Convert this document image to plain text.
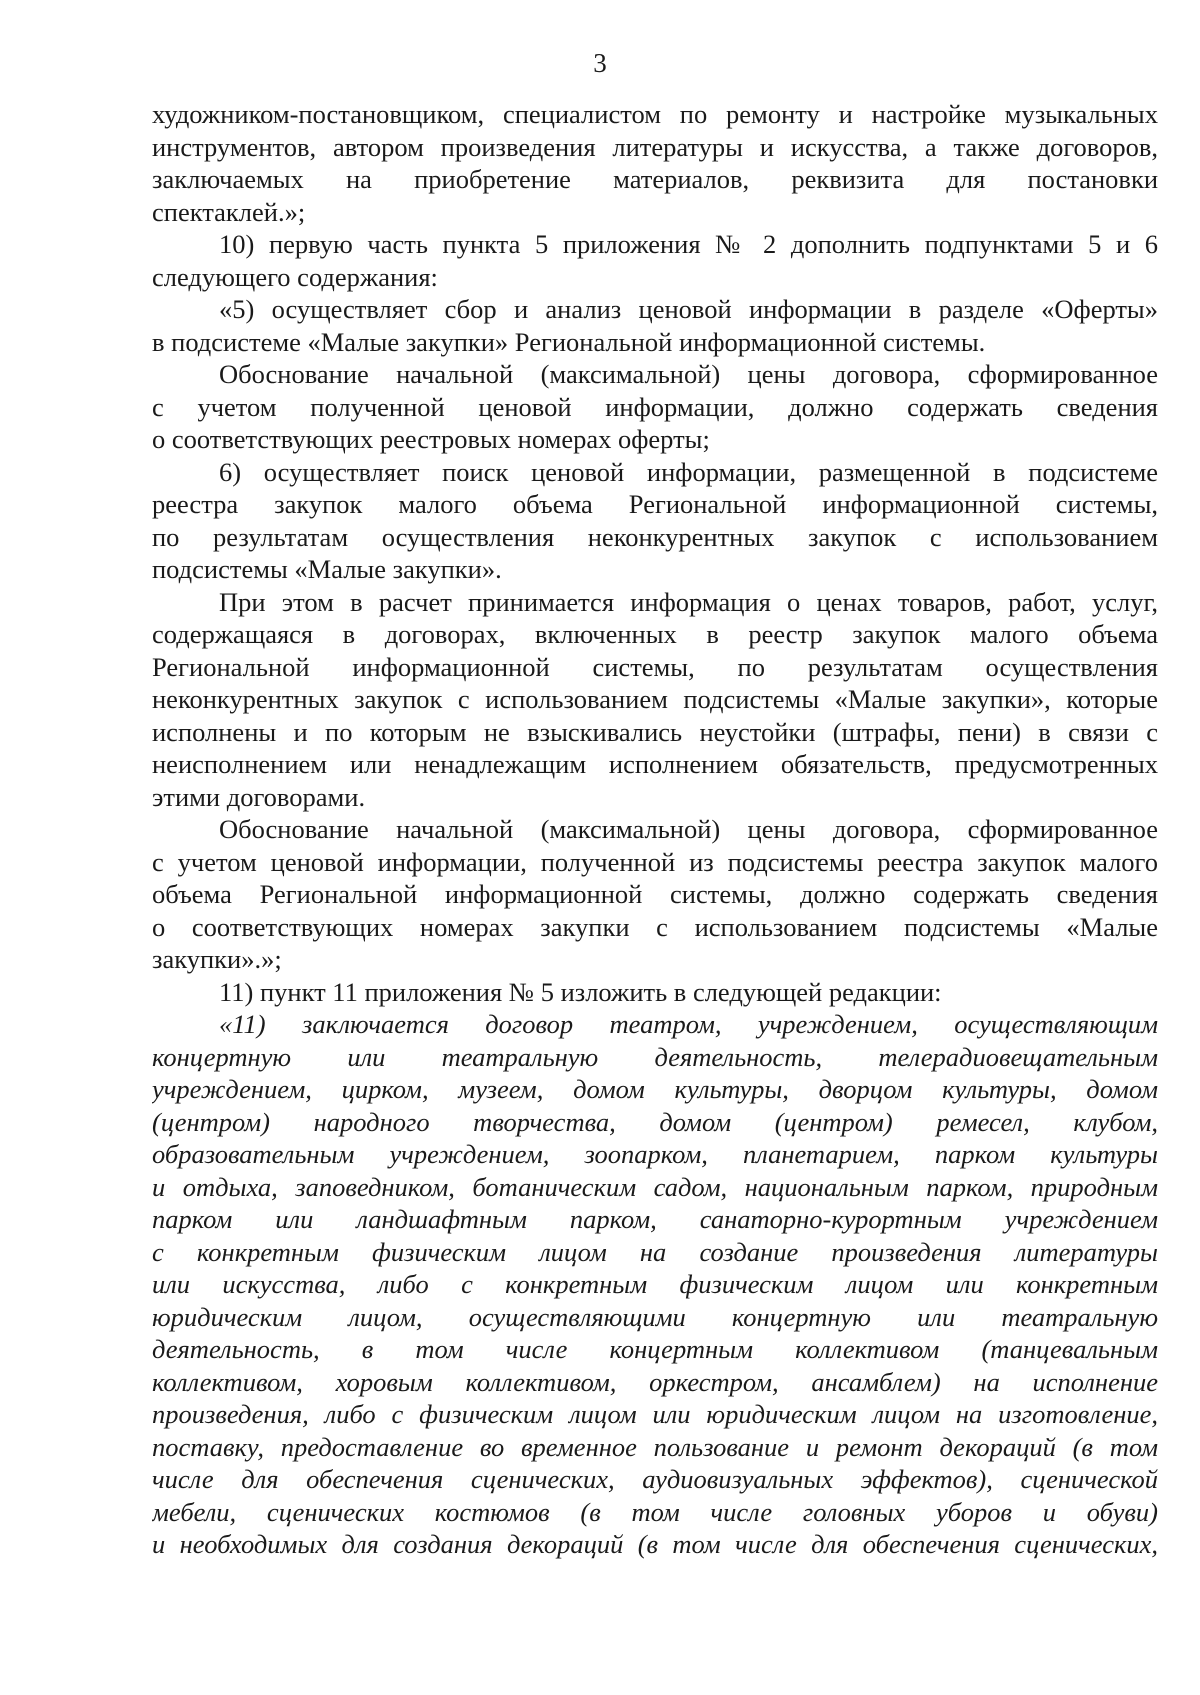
3
художником-постановщиком, специалистом по ремонту и настройке музыкальных
инструментов, автором произведения литературы и искусства, а также договоров,
заключаемых на приобретение материалов, реквизита для постановки
спектаклей.»;
10) первую часть пункта 5 приложения № 2 дополнить подпунктами 5 и 6
следующего содержания:
«5) осуществляет сбор и анализ ценовой информации в разделе «Оферты»
в подсистеме «Малые закупки» Региональной информационной системы.
Обоснование начальной (максимальной) цены договора, сформированное
с учетом полученной ценовой информации, должно содержать сведения
о соответствующих реестровых номерах оферты;
6) осуществляет поиск ценовой информации, размещенной в подсистеме
реестра закупок малого объема Региональной информационной системы,
по результатам осуществления неконкурентных закупок с использованием
подсистемы «Малые закупки».
При этом в расчет принимается информация о ценах товаров, работ, услуг,
содержащаяся в договорах, включенных в реестр закупок малого объема
Региональной информационной системы, по результатам осуществления
неконкурентных закупок с использованием подсистемы «Малые закупки», которые
исполнены и по которым не взыскивались неустойки (штрафы, пени) в связи с
неисполнением или ненадлежащим исполнением обязательств, предусмотренных
этими договорами.
Обоснование начальной (максимальной) цены договора, сформированное
с учетом ценовой информации, полученной из подсистемы реестра закупок малого
объема Региональной информационной системы, должно содержать сведения
о соответствующих номерах закупки с использованием подсистемы «Малые
закупки».»;
11) пункт 11 приложения № 5 изложить в следующей редакции:
«11) заключается договор театром, учреждением, осуществляющим
концертную или театральную деятельность, телерадиовещательным
учреждением, цирком, музеем, домом культуры, дворцом культуры, домом
(центром) народного творчества, домом (центром) ремесел, клубом,
образовательным учреждением, зоопарком, планетарием, парком культуры
и отдыха, заповедником, ботаническим садом, национальным парком, природным
парком или ландшафтным парком, санаторно-курортным учреждением
с конкретным физическим лицом на создание произведения литературы
или искусства, либо с конкретным физическим лицом или конкретным
юридическим лицом, осуществляющими концертную или театральную
деятельность, в том числе концертным коллективом (танцевальным
коллективом, хоровым коллективом, оркестром, ансамблем) на исполнение
произведения, либо с физическим лицом или юридическим лицом на изготовление,
поставку, предоставление во временное пользование и ремонт декораций (в том
числе для обеспечения сценических, аудиовизуальных эффектов), сценической
мебели, сценических костюмов (в том числе головных уборов и обуви)
и необходимых для создания декораций (в том числе для обеспечения сценических,
